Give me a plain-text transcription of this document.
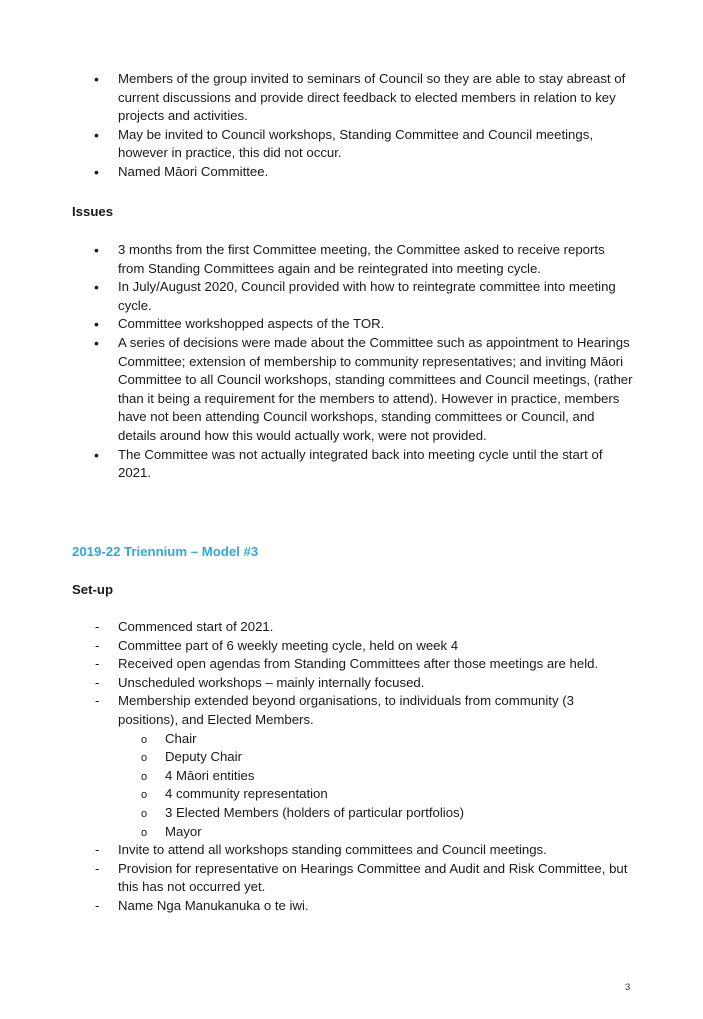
• Members of the group invited to seminars of Council so they are able to stay abreast of current discussions and provide direct feedback to elected members in relation to key projects and activities.
• May be invited to Council workshops, Standing Committee and Council meetings, however in practice, this did not occur.
• Named Māori Committee.
Issues
• 3 months from the first Committee meeting, the Committee asked to receive reports from Standing Committees again and be reintegrated into meeting cycle.
• In July/August 2020, Council provided with how to reintegrate committee into meeting cycle.
• Committee workshopped aspects of the TOR.
• A series of decisions were made about the Committee such as appointment to Hearings Committee; extension of membership to community representatives; and inviting Māori Committee to all Council workshops, standing committees and Council meetings, (rather than it being a requirement for the members to attend). However in practice, members have not been attending Council workshops, standing committees or Council, and details around how this would actually work, were not provided.
• The Committee was not actually integrated back into meeting cycle until the start of 2021.
2019-22 Triennium – Model #3
Set-up
- Commenced start of 2021.
- Committee part of 6 weekly meeting cycle, held on week 4
- Received open agendas from Standing Committees after those meetings are held.
- Unscheduled workshops – mainly internally focused.
- Membership extended beyond organisations, to individuals from community (3 positions), and Elected Members.
o Chair
o Deputy Chair
o 4 Māori entities
o 4 community representation
o 3 Elected Members (holders of particular portfolios)
o Mayor
- Invite to attend all workshops standing committees and Council meetings.
- Provision for representative on Hearings Committee and Audit and Risk Committee, but this has not occurred yet.
- Name Nga Manukanuka o te iwi.
3
